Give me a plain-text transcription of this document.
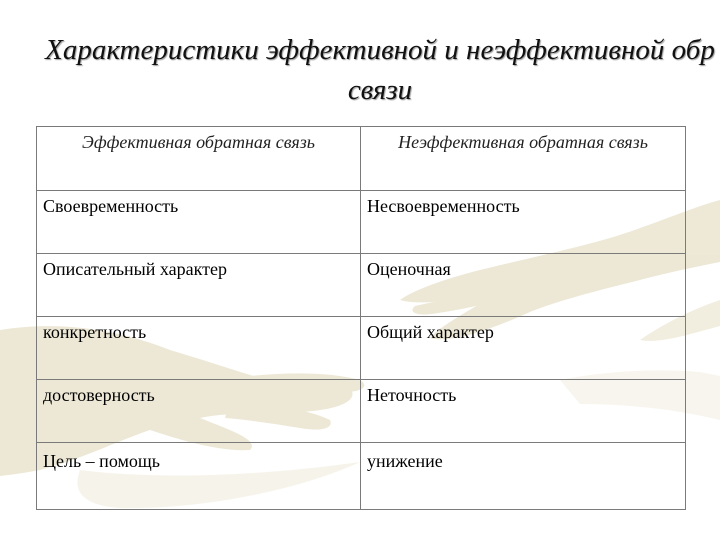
Характеристики эффективной и неэффективной обр
связи
Эффективная обратная связь	Неэффективная обратная связь
Своевременность	Несвоевременность
Описательный характер	Оценочная
конкретность	Общий характер
достоверность	Неточность
Цель – помощь	унижение
